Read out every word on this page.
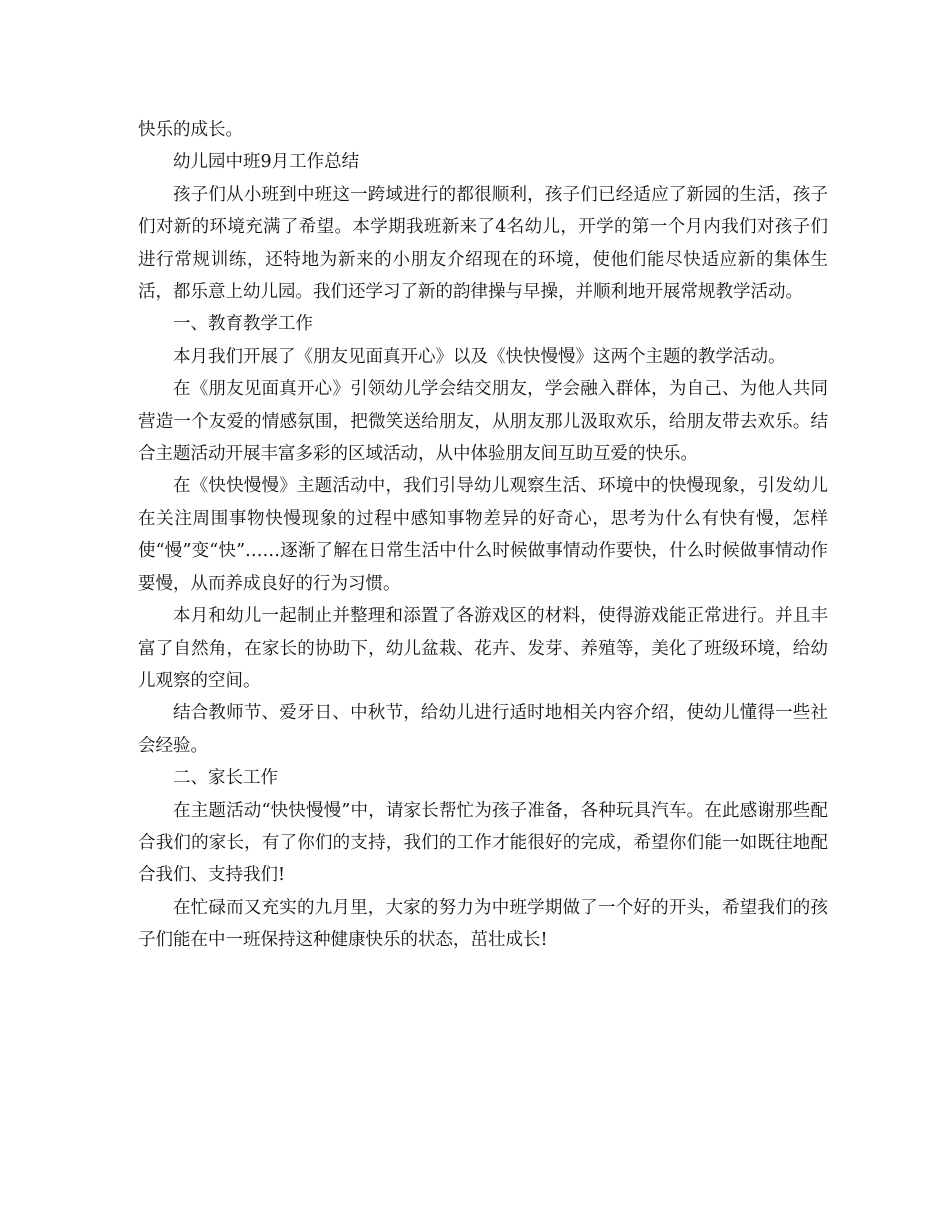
快乐的成长。

幼儿园中班9月工作总结

孩子们从小班到中班这一跨域进行的都很顺利，孩子们已经适应了新园的生活，孩子们对新的环境充满了希望。本学期我班新来了4名幼儿，开学的第一个月内我们对孩子们进行常规训练，还特地为新来的小朋友介绍现在的环境，使他们能尽快适应新的集体生活，都乐意上幼儿园。我们还学习了新的韵律操与早操，并顺利地开展常规教学活动。

一、教育教学工作

本月我们开展了《朋友见面真开心》以及《快快慢慢》这两个主题的教学活动。

在《朋友见面真开心》引领幼儿学会结交朋友，学会融入群体，为自己、为他人共同营造一个友爱的情感氛围，把微笑送给朋友，从朋友那儿汲取欢乐，给朋友带去欢乐。结合主题活动开展丰富多彩的区域活动，从中体验朋友间互助互爱的快乐。

在《快快慢慢》主题活动中，我们引导幼儿观察生活、环境中的快慢现象，引发幼儿在关注周围事物快慢现象的过程中感知事物差异的好奇心，思考为什么有快有慢，怎样使“慢”变“快”……逐渐了解在日常生活中什么时候做事情动作要快，什么时候做事情动作要慢，从而养成良好的行为习惯。

本月和幼儿一起制止并整理和添置了各游戏区的材料，使得游戏能正常进行。并且丰富了自然角，在家长的协助下，幼儿盆栽、花卉、发芽、养殖等，美化了班级环境，给幼儿观察的空间。

结合教师节、爱牙日、中秋节，给幼儿进行适时地相关内容介绍，使幼儿懂得一些社会经验。

二、家长工作

在主题活动“快快慢慢”中，请家长帮忙为孩子准备，各种玩具汽车。在此感谢那些配合我们的家长，有了你们的支持，我们的工作才能很好的完成，希望你们能一如既往地配合我们、支持我们!

在忙碌而又充实的九月里，大家的努力为中班学期做了一个好的开头，希望我们的孩子们能在中一班保持这种健康快乐的状态，茁壮成长!
